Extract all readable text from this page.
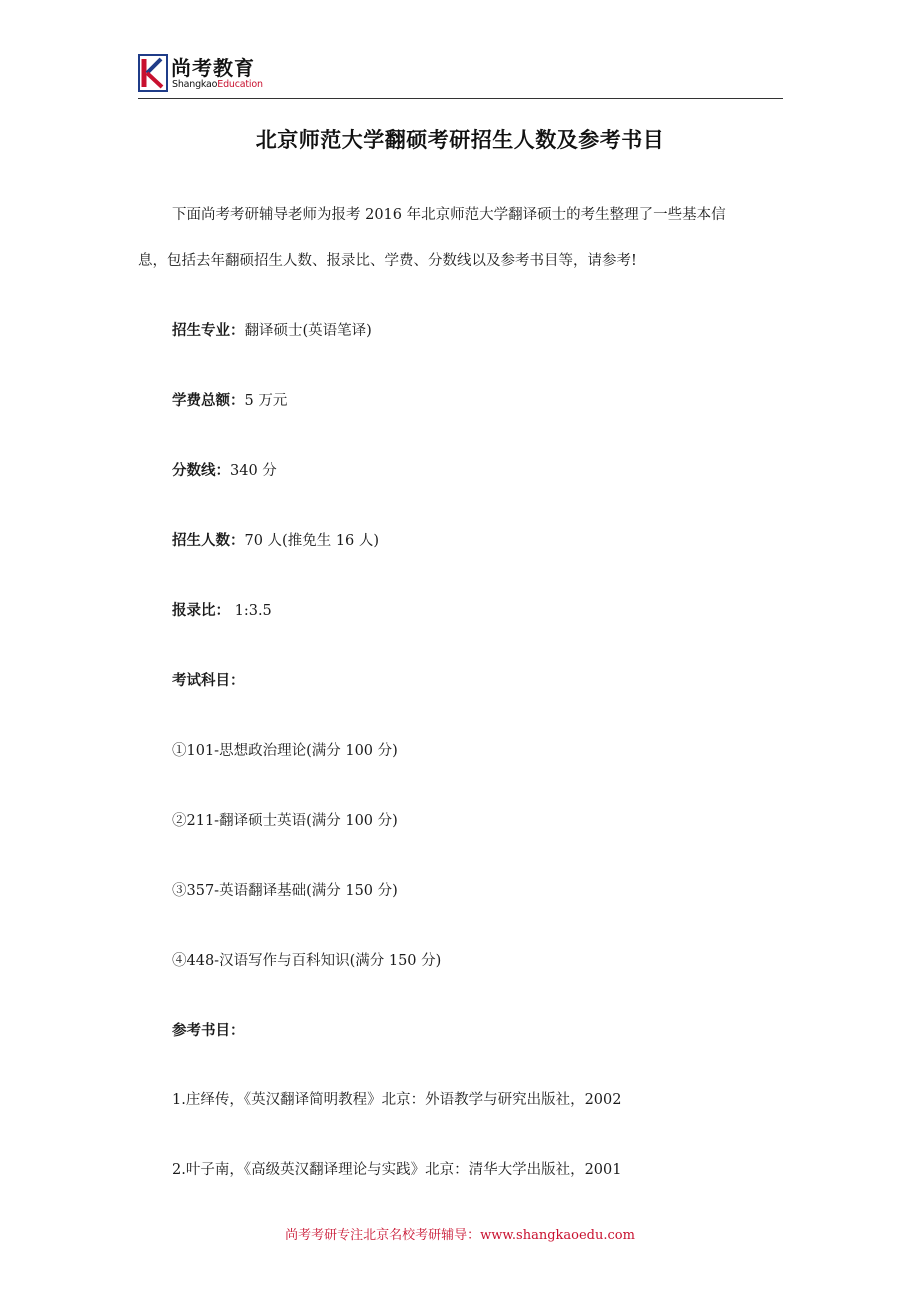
尚考教育
ShangkaoEducation
北京师范大学翻硕考研招生人数及参考书目
下面尚考考研辅导老师为报考 2016 年北京师范大学翻译硕士的考生整理了一些基本信
息，包括去年翻硕招生人数、报录比、学费、分数线以及参考书目等，请参考!
招生专业：翻译硕士(英语笔译)
学费总额：5 万元
分数线：340 分
招生人数：70 人(推免生 16 人)
报录比： 1:3.5
考试科目：
①101-思想政治理论(满分 100 分)
②211-翻译硕士英语(满分 100 分)
③357-英语翻译基础(满分 150 分)
④448-汉语写作与百科知识(满分 150 分)
参考书目：
1.庄绎传，《英汉翻译简明教程》北京：外语教学与研究出版社，2002
2.叶子南，《高级英汉翻译理论与实践》北京：清华大学出版社，2001
尚考考研专注北京名校考研辅导：www.shangkaoedu.com
